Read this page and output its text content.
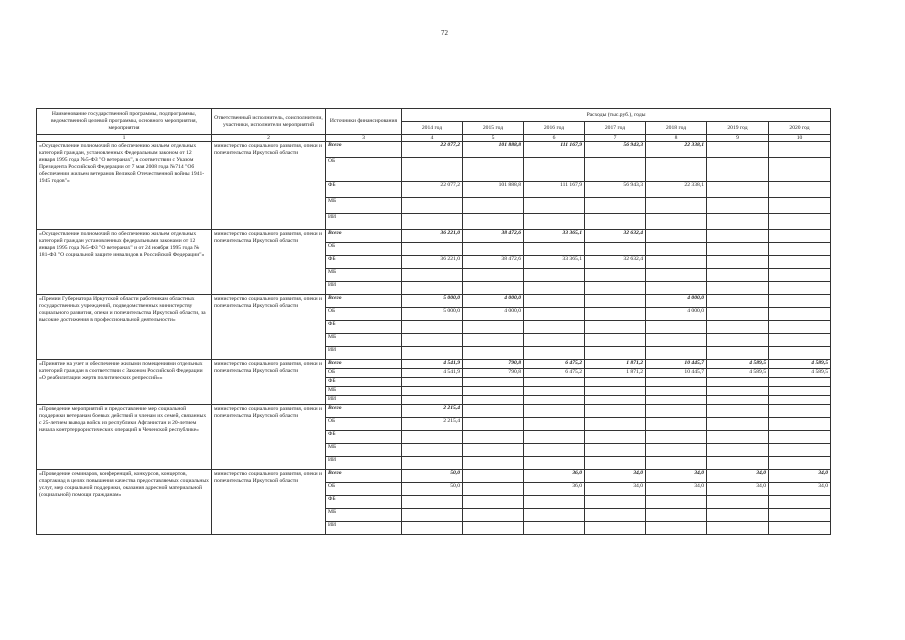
72
Наименование государственной программы, подпрограммы, ведомственной целевой программы, основного мероприятия, мероприятия	Ответственный исполнитель, соисполнители, участники, исполнители мероприятий	Источники финансирования	Расходы (тыс.руб.), годы						
			2014 год	2015 год	2016 год	2017 год	2018 год	2019 год	2020 год
1	2	3	4	5	6	7	8	9	10
«Осуществление полномочий по обеспечению жильем отдельных категорий граждан, установленных Федеральным законом от 12 января 1995 года №5-ФЗ "О ветеранах", в соответствии с Указом Президента Российской Федерации от 7 мая 2008 года №714 "Об обеспечении жильем ветеранов Великой Отечественной войны 1941-1945 годов"»	министерство социального развития, опеки и попечительства Иркутской области	Всего	22 077,2	101 888,8	111 167,9	56 943,3	22 338,1		
		ОБ							
		ФБ	22 077,2	101 888,8	111 167,9	56 943,3	22 338,1		
		МБ							
		ИИ							
«Осуществление полномочий по обеспечению жильем отдельных категорий граждан установленных федеральными законами от 12 января 1995 года №5-ФЗ "О ветеранах" и от 24 ноября 1995 года № 181-ФЗ "О социальной защите инвалидов в Российской Федерации"»	министерство социального развития, опеки и попечительства Иркутской области	Всего	36 221,0	38 472,6	33 365,1	32 632,4			
		ОБ							
		ФБ	36 221,0	38 472,6	33 365,1	32 632,4			
		МБ							
		ИИ							
«Премии Губернатора Иркутской области работникам областных государственных учреждений, подведомственных министерству социального развития, опеки и попечительства Иркутской области, за высокие достижения в профессиональной деятельности»	министерство социального развития, опеки и попечительства Иркутской области	Всего	5 000,0	4 000,0			4 000,0		
		ОБ	5 000,0	4 000,0			4 000,0		
		ФБ							
		МБ							
		ИИ							
«Принятие на учет и обеспечение жилыми помещениями отдельных категорий граждан в соответствии с Законом Российской Федерации «О реабилитации жертв политических репрессий»»	министерство социального развития, опеки и попечительства Иркутской области	Всего	4 541,9	790,8	6 475,2	1 871,2	10 445,7	4 589,5	4 589,5
		ОБ	4 541,9	790,8	6 475,2	1 871,2	10 445,7	4 589,5	4 589,5
		ФБ							
		МБ							
		ИИ							
«Проведение мероприятий и предоставление мер социальной поддержки ветеранам боевых действий и членам их семей, связанных с 25-летием вывода войск из республики Афганистан и 20-летием начала контртеррористических операций в Чеченской республике»	министерство социального развития, опеки и попечительства Иркутской области	Всего	2 215,4						
		ОБ	2 215,4						
		ФБ							
		МБ							
		ИИ							
«Проведение семинаров, конференций, конкурсов, концертов, спартакиад в целях повышения качества предоставляемых социальных услуг, мер социальной поддержки, оказания адресной материальной (социальной) помощи гражданам»	министерство социального развития, опеки и попечительства Иркутской области	Всего	50,0		36,0	34,0	34,0	34,0	34,0
		ОБ	50,0		36,0	34,0	34,0	34,0	34,0
		ФБ							
		МБ							
		ИИ							
